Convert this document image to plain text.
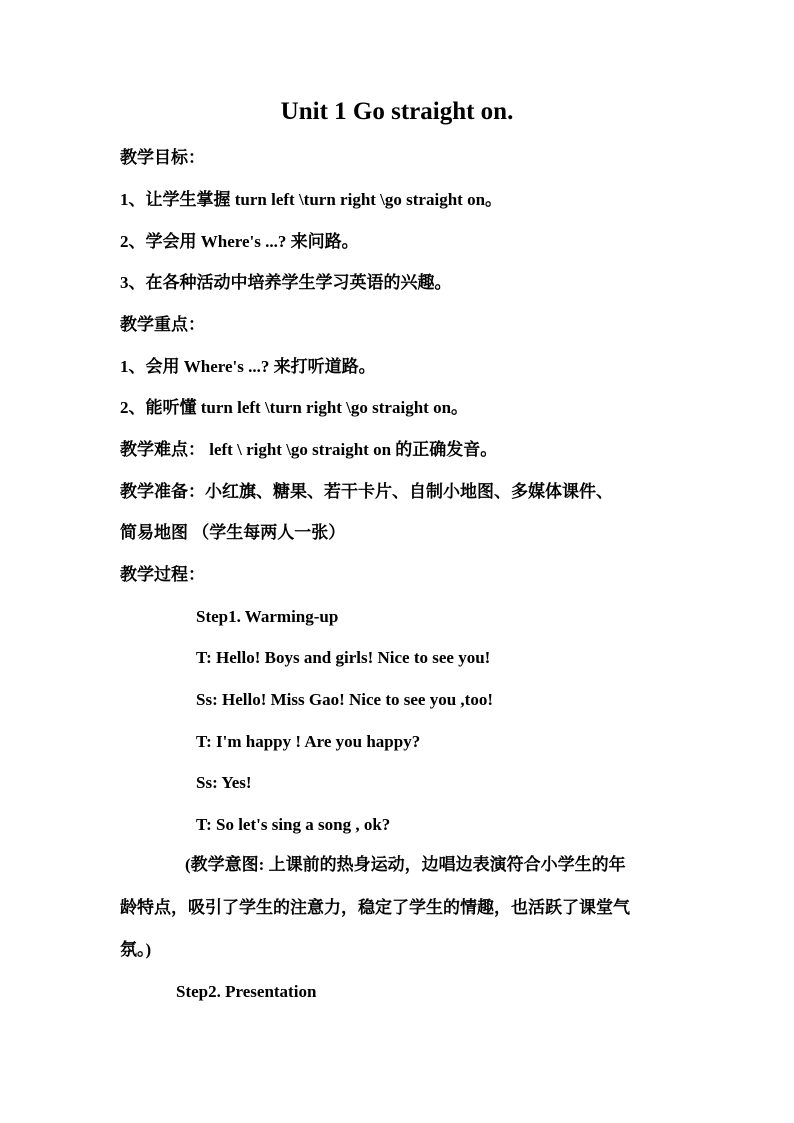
Unit 1 Go straight on.
教学目标：
1、让学生掌握 turn left \turn right \go straight on。
2、学会用 Where's ...? 来问路。
3、在各种活动中培养学生学习英语的兴趣。
教学重点：
1、会用 Where's ...? 来打听道路。
2、能听懂 turn left \turn right \go straight on。
教学难点： left \ right \go straight on 的正确发音。
教学准备：小红旗、糖果、若干卡片、自制小地图、多媒体课件、
简易地图 （学生每两人一张）
教学过程：
Step1. Warming-up
T: Hello! Boys and girls! Nice to see you!
Ss: Hello! Miss Gao! Nice to see you ,too!
T: I'm happy ! Are you happy?
Ss: Yes!
T: So let's sing a song , ok?
(教学意图: 上课前的热身运动，边唱边表演符合小学生的年
龄特点，吸引了学生的注意力，稳定了学生的情趣，也活跃了课堂气
氛。)
Step2. Presentation
